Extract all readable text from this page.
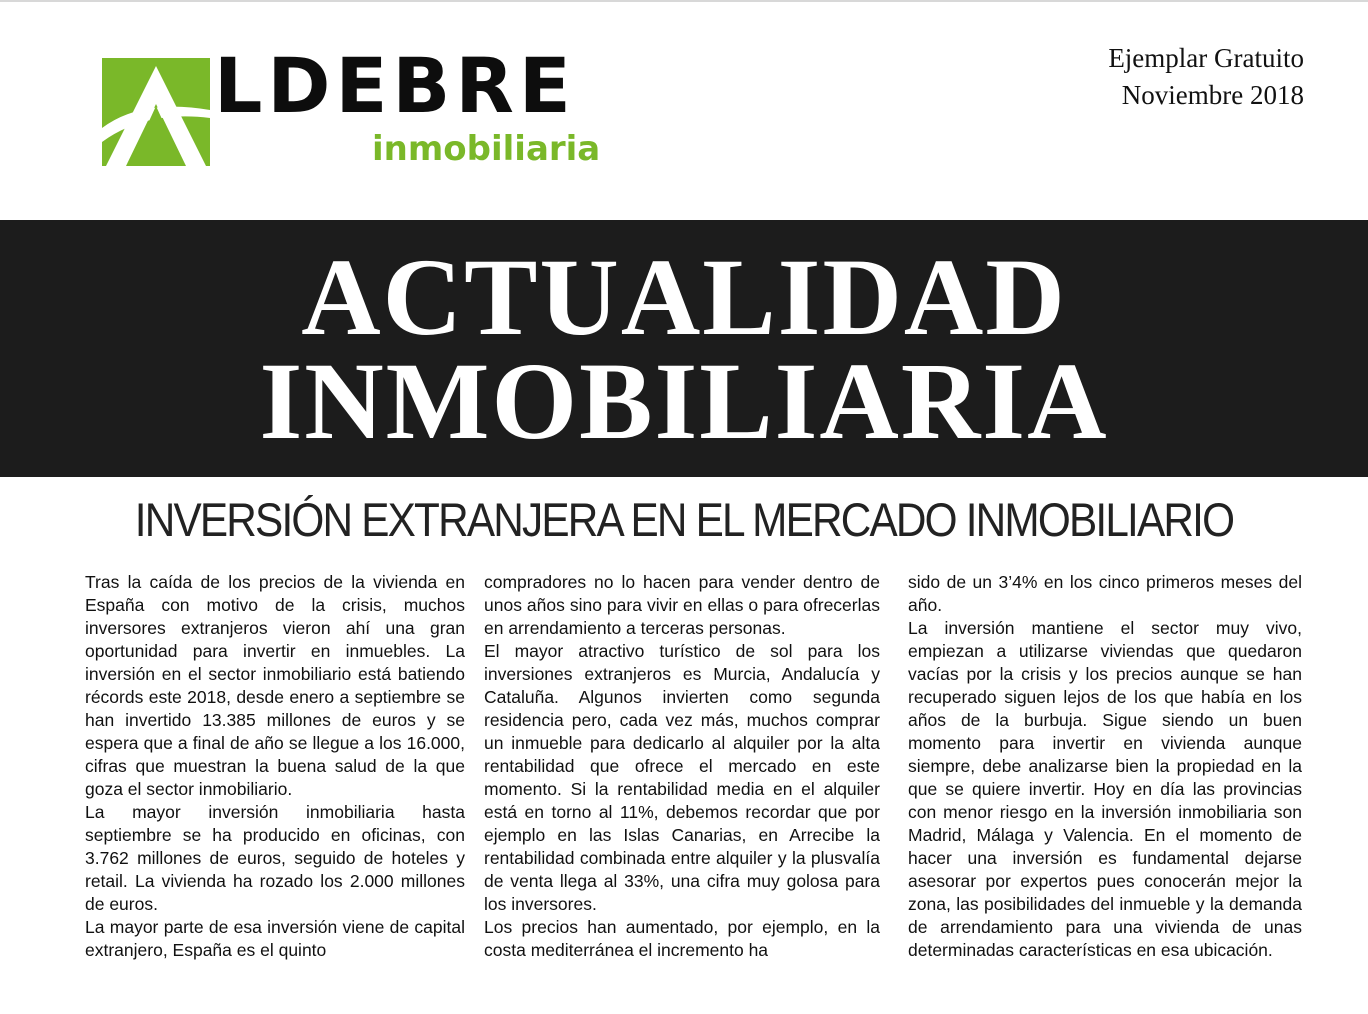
LDEBRE
inmobiliaria
Ejemplar Gratuito
Noviembre 2018
ACTUALIDAD
INMOBILIARIA
INVERSIÓN EXTRANJERA EN EL MERCADO INMOBILIARIO

Tras la caída de los precios de la vivienda en España con motivo de la crisis, muchos inversores extranjeros vieron ahí una gran oportunidad para invertir en inmuebles. La inversión en el sector inmobiliario está batiendo récords este 2018, desde enero a septiembre se han invertido 13.385 millones de euros y se espera que a final de año se llegue a los 16.000, cifras que muestran la buena salud de la que goza el sector inmobiliario.

La mayor inversión inmobiliaria hasta septiembre se ha producido en oficinas, con 3.762 millones de euros, seguido de hoteles y retail. La vivienda ha rozado los 2.000 millones de euros.

La mayor parte de esa inversión viene de capital extranjero, España es el quinto

compradores no lo hacen para vender dentro de unos años sino para vivir en ellas o para ofrecerlas en arrendamiento a terceras personas.

El mayor atractivo turístico de sol para los inversiones extranjeros es Murcia, Andalucía y Cataluña. Algunos invierten como segunda residencia pero, cada vez más, muchos comprar un inmueble para dedicarlo al alquiler por la alta rentabilidad que ofrece el mercado en este momento. Si la rentabilidad media en el alquiler está en torno al 11%, debemos recordar que por ejemplo en las Islas Canarias, en Arrecibe la rentabilidad combinada entre alquiler y la plusvalía de venta llega al 33%, una cifra muy golosa para los inversores.

Los precios han aumentado, por ejemplo, en la costa mediterránea el incremento ha

sido de un 3’4% en los cinco primeros meses del año.

La inversión mantiene el sector muy vivo, empiezan a utilizarse viviendas que quedaron vacías por la crisis y los precios aunque se han recuperado siguen lejos de los que había en los años de la burbuja. Sigue siendo un buen momento para invertir en vivienda aunque siempre, debe analizarse bien la propiedad en la que se quiere invertir. Hoy en día las provincias con menor riesgo en la inversión inmobiliaria son Madrid, Málaga y Valencia. En el momento de hacer una inversión es fundamental dejarse asesorar por expertos pues conocerán mejor la zona, las posibilidades del inmueble y la demanda de arrendamiento para una vivienda de unas determinadas características en esa ubicación.
